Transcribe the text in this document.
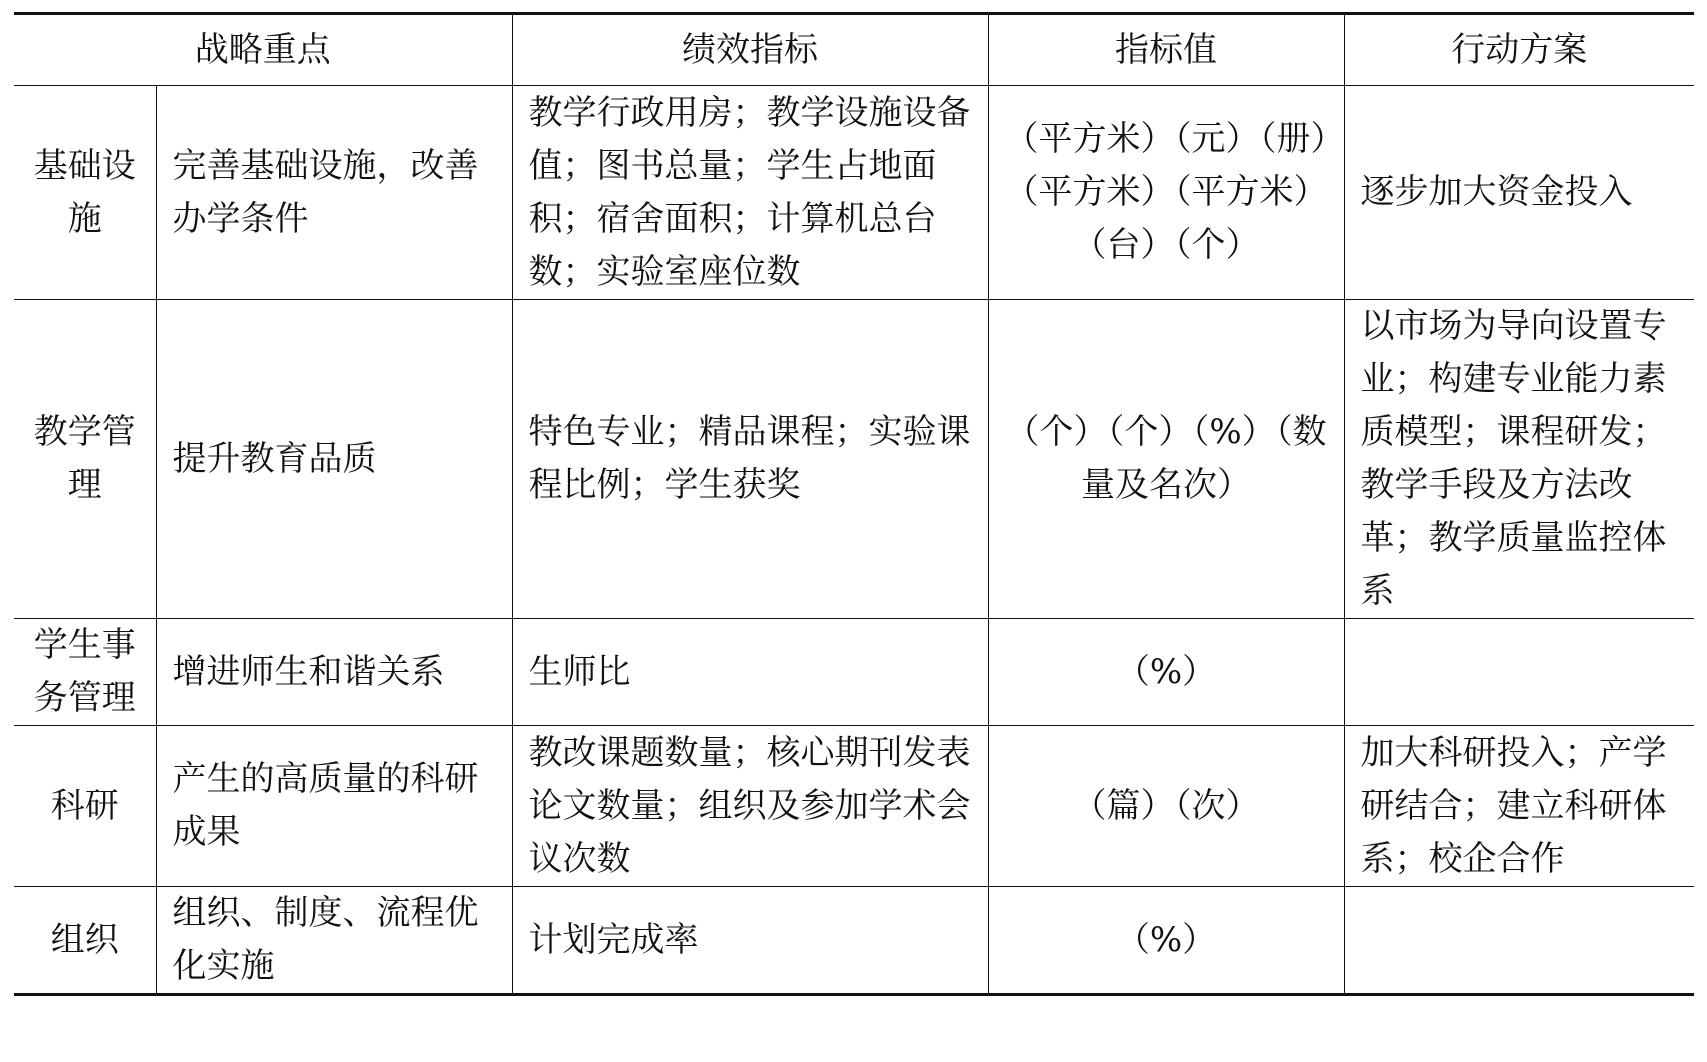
战略重点		绩效指标	指标值	行动方案
基础设施	完善基础设施，改善办学条件	教学行政用房；教学设施设备值；图书总量；学生占地面积；宿舍面积；计算机总台数；实验室座位数	（平方米）（元）（册）（平方米）（平方米）（台）（个）	逐步加大资金投入
教学管理	提升教育品质	特色专业；精品课程；实验课程比例；学生获奖	（个）（个）（%）（数量及名次）	以市场为导向设置专业；构建专业能力素质模型；课程研发；教学手段及方法改革；教学质量监控体系
学生事务管理	增进师生和谐关系	生师比	（%）	
科研	产生的高质量的科研成果	教改课题数量；核心期刊发表论文数量；组织及参加学术会议次数	（篇）（次）	加大科研投入；产学研结合；建立科研体系；校企合作
组织	组织、制度、流程优化实施	计划完成率	（%）	
